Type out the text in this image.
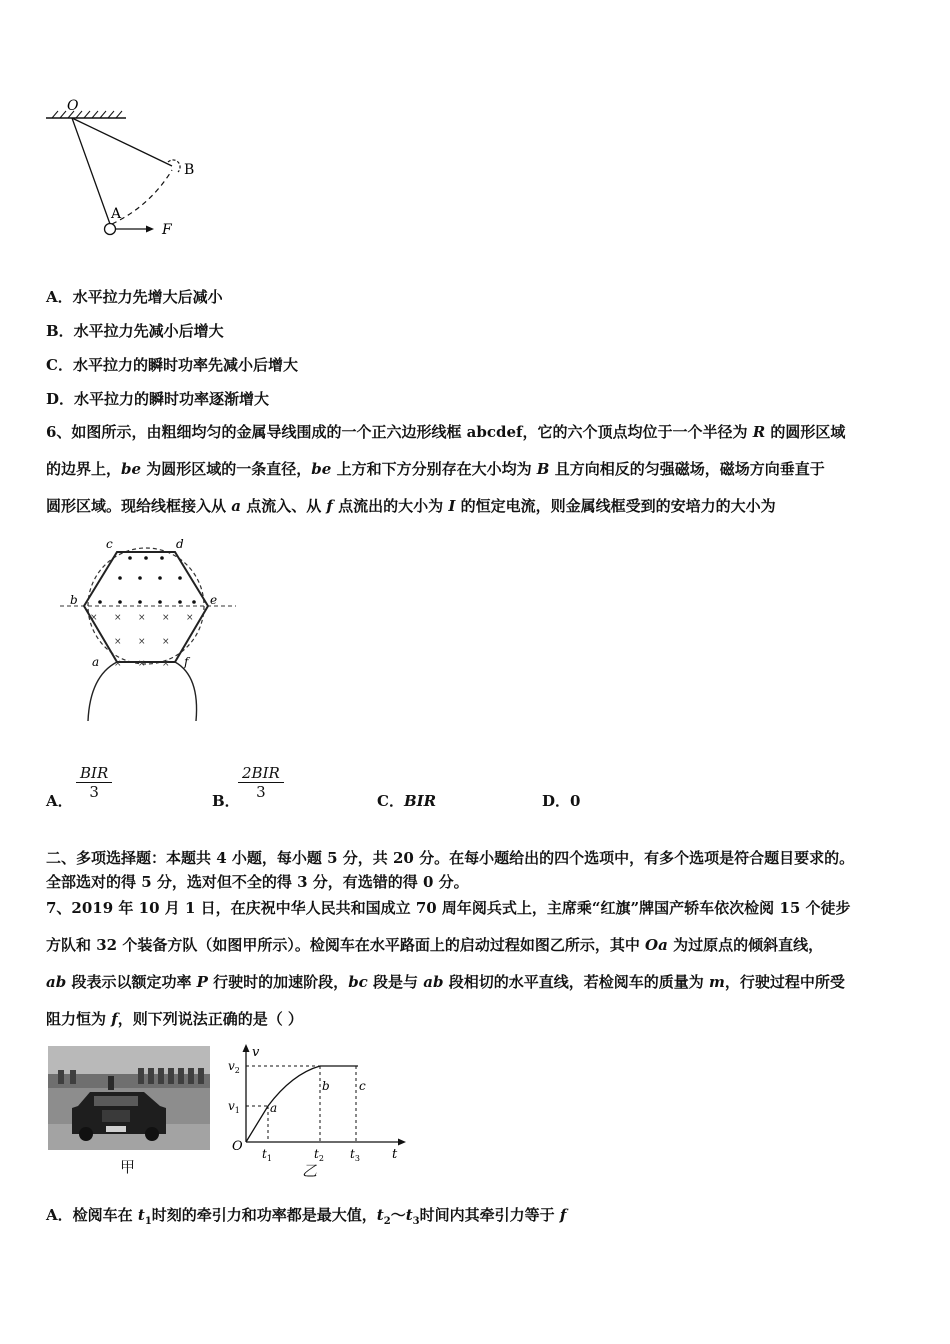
O
B
A
F
A．水平拉力先增大后减小
B．水平拉力先减小后增大
C．水平拉力的瞬时功率先减小后增大
D．水平拉力的瞬时功率逐渐增大
6、如图所示，由粗细均匀的金属导线围成的一个正六边形线框 abcdef，它的六个顶点均位于一个半径为 R 的圆形区域
的边界上，be 为圆形区域的一条直径，be 上方和下方分别存在大小均为 B 且方向相反的匀强磁场，磁场方向垂直于
圆形区域。现给线框接入从 a 点流入、从 f 点流出的大小为 I 的恒定电流，则金属线框受到的安培力的大小为
× × × × ×
× × ×
× × ×
c	d
b	e
a	f
A．
BIR
3	B．
2BIR
3	C．BIR	D．0
二、多项选择题：本题共 4 小题，每小题 5 分，共 20 分。在每小题给出的四个选项中，有多个选项是符合题目要求的。
全部选对的得 5 分，选对但不全的得 3 分，有选错的得 0 分。
7、2019 年 10 月 1 日，在庆祝中华人民共和国成立 70 周年阅兵式上，主席乘“红旗”牌国产轿车依次检阅 15 个徒步
方队和 32 个装备方队（如图甲所示）。检阅车在水平路面上的启动过程如图乙所示，其中 Oa 为过原点的倾斜直线，
ab 段表示以额定功率 P 行驶时的加速阶段，bc 段是与 ab 段相切的水平直线，若检阅车的质量为 m，行驶过程中所受
阻力恒为 f，则下列说法正确的是（ ）
甲
v
$v_2$
$v_1$
O
a
b c
t
$t_1$	$t_2$ $t_3$
乙
A．检阅车在 $t_1$时刻的牵引力和功率都是最大值，$t_2\sim t_3$时间内其牵引力等于 f
